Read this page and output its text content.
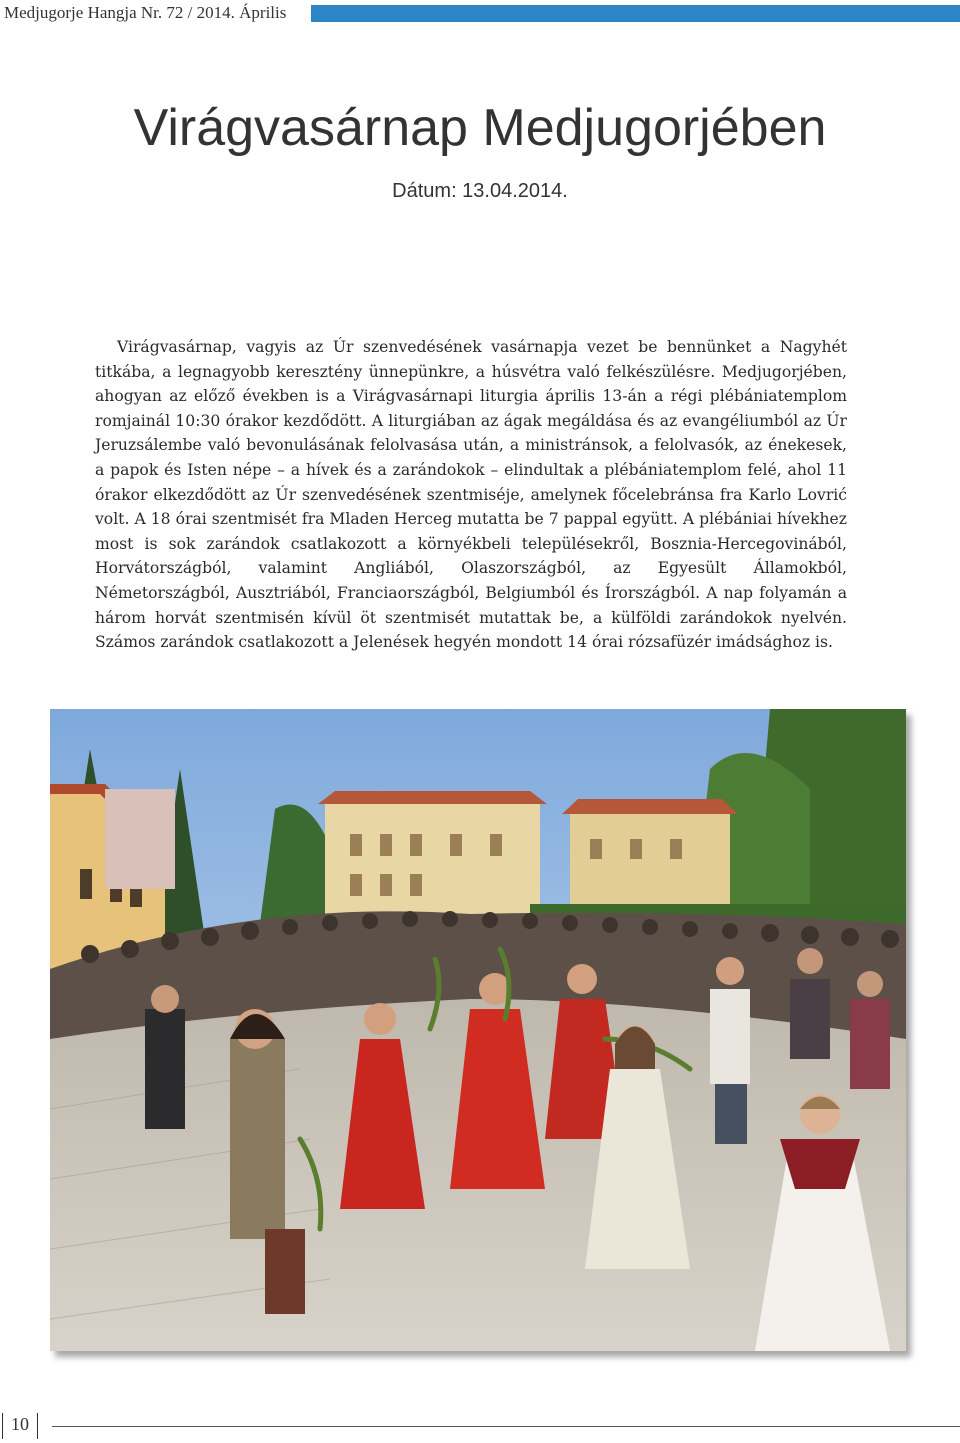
Medjugorje Hangja Nr. 72 / 2014. Április
Virágvasárnap Medjugorjében
Dátum: 13.04.2014.

Virágvasárnap, vagyis az Úr szenvedésének vasárnapja vezet be bennünket a Nagyhét titkába, a legnagyobb keresztény ünnepünkre, a húsvétra való felkészülésre. Medjugorjében, ahogyan az előző években is a Virágvasárnapi liturgia április 13-án a régi plébániatemplom romjainál 10:30 órakor kezdődött. A liturgiában az ágak megáldása és az evangéliumból az Úr Jeruzsálembe való bevonulásának felolvasása után, a ministránsok, a felolvasók, az énekesek, a papok és Isten népe – a hívek és a zarándokok – elindultak a plébániatemplom felé, ahol 11 órakor elkezdődött az Úr szenvedésének szentmiséje, amelynek főcelebránsa fra Karlo Lovrić volt. A 18 órai szentmisét fra Mladen Herceg mutatta be 7 pappal együtt. A plébániai hívekhez most is sok zarándok csatlakozott a környékbeli településekről, Bosznia-Hercegovinából, Horvátországból, valamint Angliából, Olaszországból, az Egyesült Államokból, Németországból, Ausztriából, Franciaországból, Belgiumból és Írországból. A nap folyamán a három horvát szentmisén kívül öt szentmisét mutattak be, a külföldi zarándokok nyelvén. Számos zarándok csatlakozott a Jelenések hegyén mondott 14 órai rózsafüzér imádsághoz is.

10
